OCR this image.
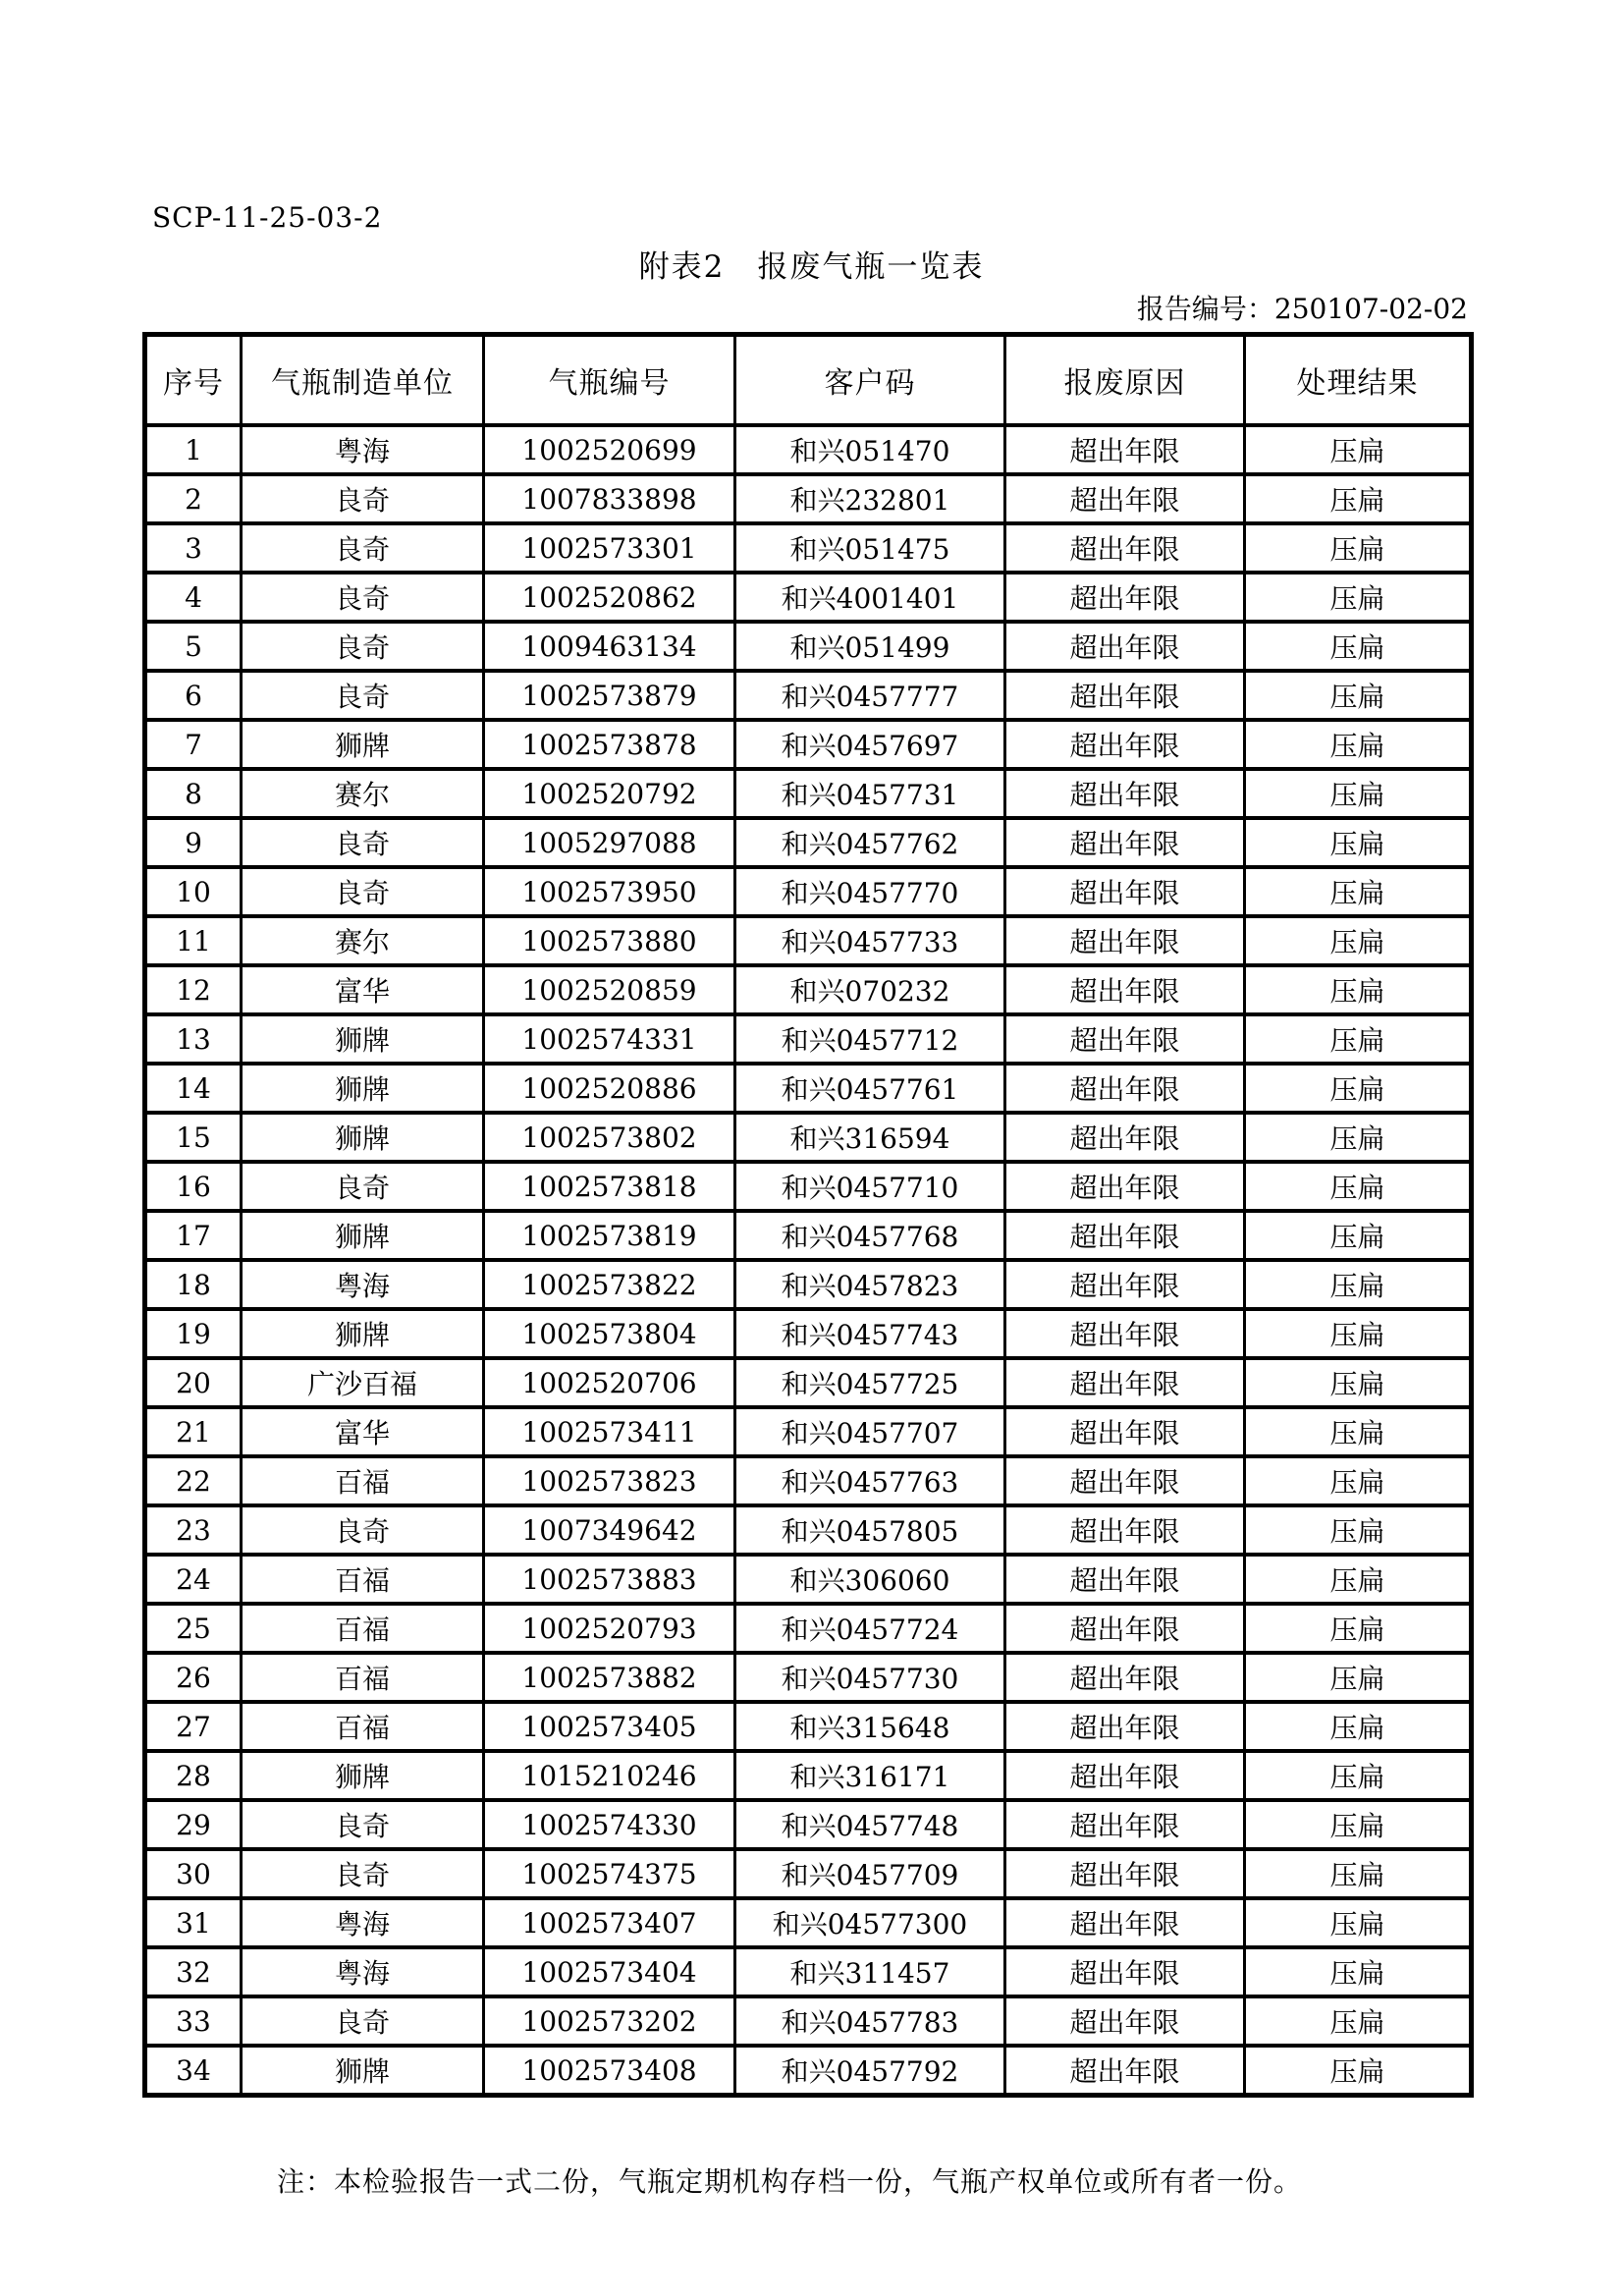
SCP-11-25-03-2
附表2　报废气瓶一览表
报告编号：250107-02-02
序号	气瓶制造单位	气瓶编号	客户码	报废原因	处理结果
1	粤海	1002520699	和兴051470	超出年限	压扁
2	良奇	1007833898	和兴232801	超出年限	压扁
3	良奇	1002573301	和兴051475	超出年限	压扁
4	良奇	1002520862	和兴4001401	超出年限	压扁
5	良奇	1009463134	和兴051499	超出年限	压扁
6	良奇	1002573879	和兴0457777	超出年限	压扁
7	狮牌	1002573878	和兴0457697	超出年限	压扁
8	赛尔	1002520792	和兴0457731	超出年限	压扁
9	良奇	1005297088	和兴0457762	超出年限	压扁
10	良奇	1002573950	和兴0457770	超出年限	压扁
11	赛尔	1002573880	和兴0457733	超出年限	压扁
12	富华	1002520859	和兴070232	超出年限	压扁
13	狮牌	1002574331	和兴0457712	超出年限	压扁
14	狮牌	1002520886	和兴0457761	超出年限	压扁
15	狮牌	1002573802	和兴316594	超出年限	压扁
16	良奇	1002573818	和兴0457710	超出年限	压扁
17	狮牌	1002573819	和兴0457768	超出年限	压扁
18	粤海	1002573822	和兴0457823	超出年限	压扁
19	狮牌	1002573804	和兴0457743	超出年限	压扁
20	广沙百福	1002520706	和兴0457725	超出年限	压扁
21	富华	1002573411	和兴0457707	超出年限	压扁
22	百福	1002573823	和兴0457763	超出年限	压扁
23	良奇	1007349642	和兴0457805	超出年限	压扁
24	百福	1002573883	和兴306060	超出年限	压扁
25	百福	1002520793	和兴0457724	超出年限	压扁
26	百福	1002573882	和兴0457730	超出年限	压扁
27	百福	1002573405	和兴315648	超出年限	压扁
28	狮牌	1015210246	和兴316171	超出年限	压扁
29	良奇	1002574330	和兴0457748	超出年限	压扁
30	良奇	1002574375	和兴0457709	超出年限	压扁
31	粤海	1002573407	和兴04577300	超出年限	压扁
32	粤海	1002573404	和兴311457	超出年限	压扁
33	良奇	1002573202	和兴0457783	超出年限	压扁
34	狮牌	1002573408	和兴0457792	超出年限	压扁
注：本检验报告一式二份，气瓶定期机构存档一份，气瓶产权单位或所有者一份。
